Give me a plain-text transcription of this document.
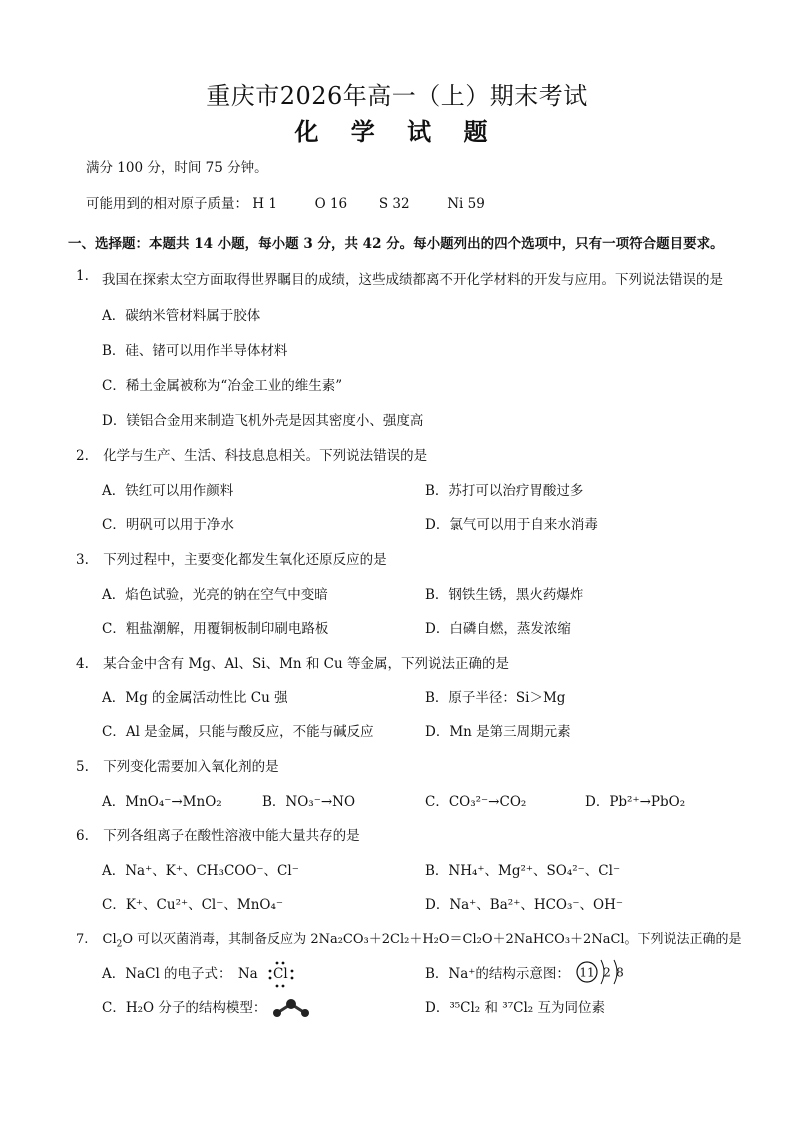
重庆市2026年高一（上）期末考试
化 学 试 题
满分 100 分，时间 75 分钟。
可能用到的相对原子质量： H 1	O 16 S 32	Ni 59
一、选择题：本题共 14 小题，每小题 3 分，共 42 分。每小题列出的四个选项中，只有一项符合题目要求。
1. 我国在探索太空方面取得世界瞩目的成绩，这些成绩都离不开化学材料的开发与应用。下列说法错误的是
A．碳纳米管材料属于胶体
B．硅、锗可以用作半导体材料
C．稀土金属被称为“冶金工业的维生素”
D．镁铝合金用来制造飞机外壳是因其密度小、强度高
2. 化学与生产、生活、科技息息相关。下列说法错误的是
A．铁红可以用作颜料	B．苏打可以治疗胃酸过多
C．明矾可以用于净水	D．氯气可以用于自来水消毒
3. 下列过程中，主要变化都发生氧化还原反应的是
A．焰色试验，光亮的钠在空气中变暗	B．钢铁生锈，黑火药爆炸
C．粗盐潮解，用覆铜板制印刷电路板	D．白磷自燃，蒸发浓缩
4. 某合金中含有 Mg、Al、Si、Mn 和 Cu 等金属，下列说法正确的是
A．Mg 的金属活动性比 Cu 强	B．原子半径：Si＞Mg
C．Al 是金属，只能与酸反应，不能与碱反应	D．Mn 是第三周期元素
5. 下列变化需要加入氧化剂的是
A．MnO₄⁻→MnO₂	B．NO₃⁻→NO	C．CO₃²⁻→CO₂	D．Pb²⁺→PbO₂
6. 下列各组离子在酸性溶液中能大量共存的是
A．Na⁺、K⁺、CH₃COO⁻、Cl⁻	B．NH₄⁺、Mg²⁺、SO₄²⁻、Cl⁻
C．K⁺、Cu²⁺、Cl⁻、MnO₄⁻	D．Na⁺、Ba²⁺、HCO₃⁻、OH⁻
7. $Cl_2O$ 可以灭菌消毒，其制备反应为 2Na₂CO₃＋2Cl₂＋H₂O＝Cl₂O＋2NaHCO₃＋2NaCl。下列说法正确的是
A．NaCl 的电子式： Na Cl	B．Na⁺的结构示意图： 11 2 8
C．H₂O 分子的结构模型：	D．³⁵Cl₂ 和 ³⁷Cl₂ 互为同位素
